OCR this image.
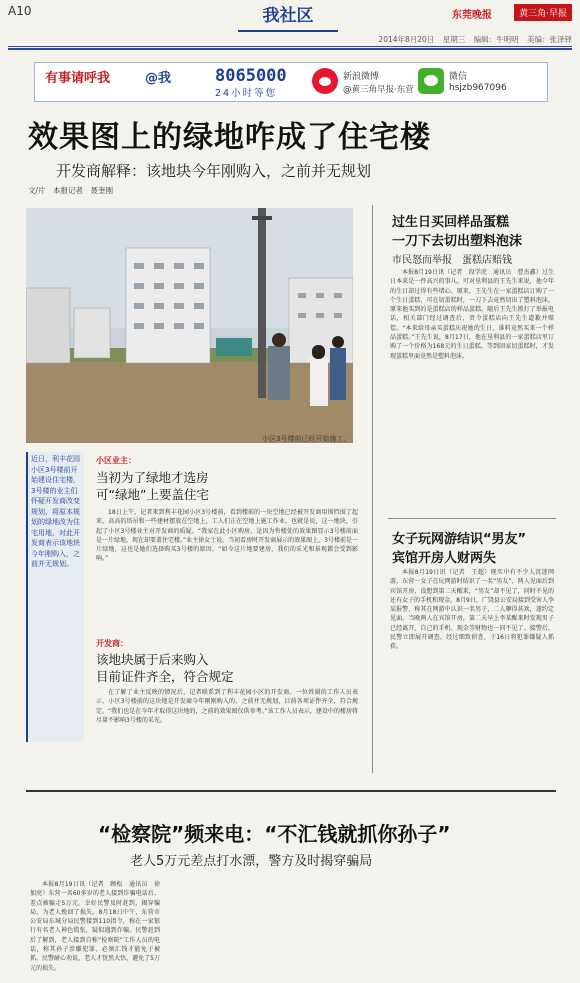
A10	我社区	东莞晚报	黄三角·早报
2014年8月20日 星期三 编辑：牛明明 美编：张泽铎
有事请呼我	@我	8065000
24小时等您
新浪微博
@黄三角早报·东营
微信
hsjzb967096
效果图上的绿地咋成了住宅楼
开发商解释：该地块今年刚购入，之前并无规划
文/片　本报记者　聂奎刚
小区3号楼前已经开始施工。
近日，利丰花园小区3号楼前开始建设住宅楼，3号楼的业主们怀疑开发商改变规划，将原本规划的绿地改为住宅用地，对此开发商表示该地块今年刚购入，之前并无规划。
小区业主：
当初为了绿地才选房
可“绿地”上要盖住宅

18日上午，记者来到利丰花园小区3号楼前，看到楼前的一块空地已经被开发商用围挡围了起来，高高的塔吊和一些建材摆放在空地上，工人们正在空地上施工作业。也就是说，这一地块，引起了小区3号楼业主对开发商的质疑。“我家在此小区购房，是因为售楼处的效果图显示3号楼前面是一片绿地，现在却要盖住宅楼。”业主徐女士说，当初看房时开发商展示的效果图上，3号楼前是一片绿地，这也是她们选择购买3号楼的原因。“如今这片地要建房，我们的采光和景观都会受到影响。”

开发商：
该地块属于后来购入
目前证件齐全，符合规定

在了解了业主反映的情况后，记者联系到了利丰花园小区的开发商。一位姓谢的工作人员表示，小区3号楼前的这块地是开发商今年刚刚购入的，之前并无规划，目前各项证件齐全，符合规定。“我们也是在今年才取得这块地的，之前的效果图仅供参考。”该工作人员表示，建设中的楼房将尽量不影响3号楼的采光。

过生日买回样品蛋糕
一刀下去切出塑料泡沫
市民怒而举报　蛋糕店赔钱

本报8月19日讯（记者　段学虎　通讯员　曹杰鑫）过生日本来是一件高兴的事儿，可对垦利县的王先生来说，他今年的生日却过得有些堵心。原来，王先生在一家蛋糕店订购了一个生日蛋糕，可在切蛋糕时，一刀下去竟然切出了塑料泡沫，原来他买到的是蛋糕店的样品蛋糕。随后王先生拨打了举报电话，相关部门经过调查后，责令蛋糕店向王先生道歉并赔偿。“本来给母亲买蛋糕庆祝她的生日，谁料竟然买来一个样品蛋糕。”王先生说，8月17日，他在垦利县的一家蛋糕店里订购了一个价格为168元的生日蛋糕，等到回家切蛋糕时，才发现蛋糕里面竟然是塑料泡沫。

女子玩网游结识“男友”
宾馆开房人财两失

本报8月19日讯（记者　王超）现实中有不少人沉迷网游，东营一女子在玩网游时结识了一名“男友”，两人见面后到宾馆开房，没想到第二天醒来，“男友”却不见了，同时不见的还有女子的手机和现金。8月9日，广饶县公安局接到受害人李某报警，称其在网游中认识一名男子，二人聊得甚欢，遂约定见面。当晚两人在宾馆开房，第二天早上李某醒来时发现男子已经离开，自己的手机、现金等财物也一同不见了。接警后，民警立即展开调查，经过细致侦查，于16日将犯罪嫌疑人抓获。

“检察院”频来电：“不汇钱就抓你孙子”
老人5万元差点打水漂，警方及时揭穿骗局

本报8月19日讯（记者　顾松　通讯员　徐加亮）东营一名60多岁的老人接到诈骗电话后，差点被骗走5万元。幸好民警及时赶到，揭穿骗局，为老人挽回了损失。8月18日中午，东营市公安局东城分局民警接到110指令，称在一家银行有名老人神色慌张，疑似遇到诈骗。民警赶到后了解到，老人接到自称“检察院”工作人员的电话，称其孙子涉嫌犯罪，必须汇钱才能免于被抓。民警耐心劝说，老人才恍然大悟，避免了5万元的损失。
